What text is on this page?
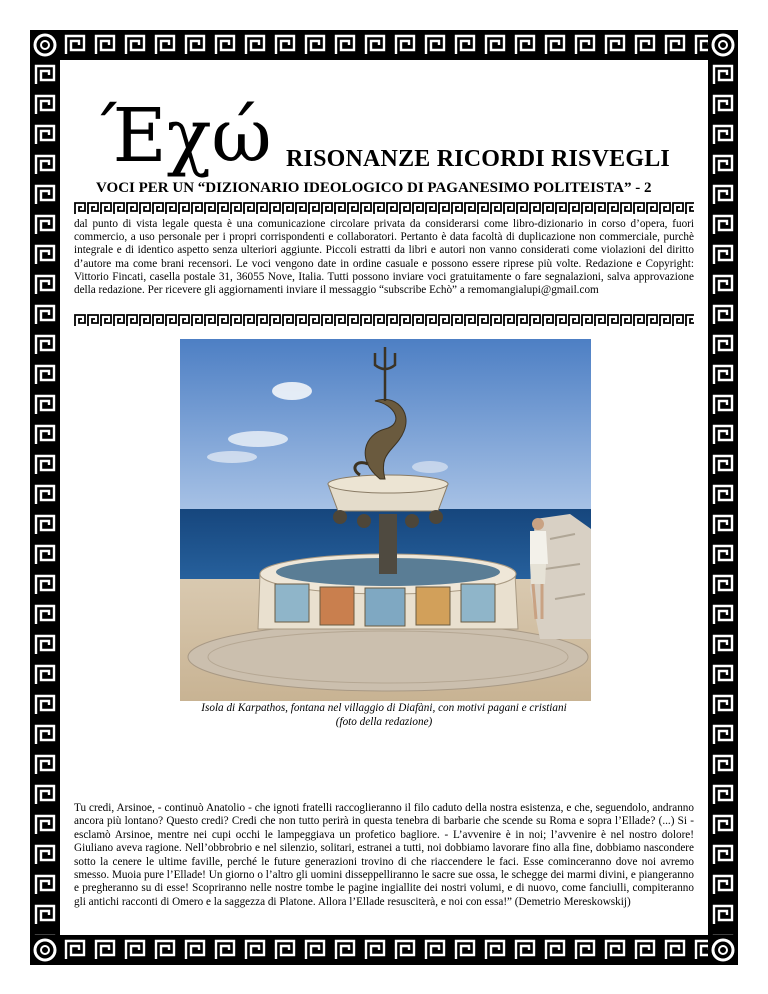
Έχώ RISONANZE RICORDI RISVEGLI
VOCI PER UN “DIZIONARIO IDEOLOGICO DI PAGANESIMO POLITEISTA” - 2
dal punto di vista legale questa è una comunicazione circolare privata da considerarsi come libro-dizionario in corso d’opera, fuori commercio, a uso personale per i propri corrispondenti e collaboratori. Pertanto è data facoltà di duplicazione non commerciale, purchè integrale e di identico aspetto senza ulteriori aggiunte. Piccoli estratti da libri e autori non vanno considerati come violazioni del diritto d’autore ma come brani recensori. Le voci vengono date in ordine casuale e possono essere riprese più volte. Redazione e Copyright: Vittorio Fincati, casella postale 31, 36055 Nove, Italia. Tutti possono inviare voci gratuitamente o fare segnalazioni, salva approvazione della redazione. Per ricevere gli aggiornamenti inviare il messaggio “subscribe Echò” a remomangialupi@gmail.com
Isola di Karpathos, fontana nel villaggio di Diafàni, con motivi pagani e cristiani
(foto della redazione)
Tu credi, Arsinoe, - continuò Anatolio - che ignoti fratelli raccoglieranno il filo caduto della nostra esistenza, e che, seguendolo, andranno ancora più lontano? Questo credi? Credi che non tutto perirà in questa tenebra di barbarie che scende su Roma e sopra l’Ellade? (...) Si - esclamò Arsinoe, mentre nei cupi occhi le lampeggiava un profetico bagliore. - L’avvenire è in noi; l’avvenire è nel nostro dolore! Giuliano aveva ragione. Nell’obbrobrio e nel silenzio, solitari, estranei a tutti, noi dobbiamo lavorare fino alla fine, dobbiamo nascondere sotto la cenere le ultime faville, perché le future generazioni trovino di che riaccendere le faci. Esse cominceranno dove noi avremo smesso. Muoia pure l’Ellade! Un giorno o l’altro gli uomini disseppelliranno le sacre sue ossa, le schegge dei marmi divini, e piangeranno e pregheranno su di esse! Scopriranno nelle nostre tombe le pagine ingiallite dei nostri volumi, e di nuovo, come fanciulli, compiteranno gli antichi racconti di Omero e la saggezza di Platone. Allora l’Ellade resusciterà, e noi con essa!” (Demetrio Mereskowskij)
